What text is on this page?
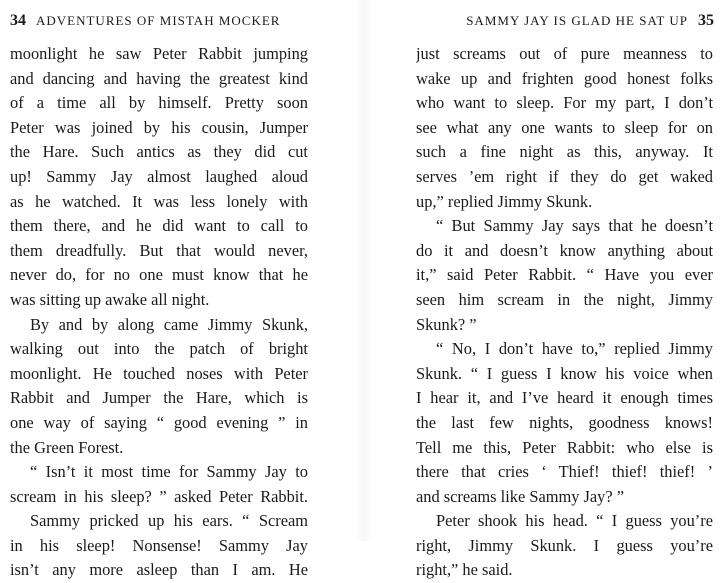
34 ADVENTURES OF MISTAH MOCKER
moonlight he saw Peter Rabbit jumping
and dancing and having the greatest kind
of a time all by himself. Pretty soon
Peter was joined by his cousin, Jumper
the Hare. Such antics as they did cut
up! Sammy Jay almost laughed aloud
as he watched. It was less lonely with
them there, and he did want to call to
them dreadfully. But that would never,
never do, for no one must know that he
was sitting up awake all night.
By and by along came Jimmy Skunk,
walking out into the patch of bright
moonlight. He touched noses with Peter
Rabbit and Jumper the Hare, which is
one way of saying “ good evening ” in
the Green Forest.
“ Isn’t it most time for Sammy Jay to
scream in his sleep? ” asked Peter Rabbit.
Sammy pricked up his ears. “ Scream
in his sleep! Nonsense! Sammy Jay
isn’t any more asleep than I am. He
SAMMY JAY IS GLAD HE SAT UP 35
just screams out of pure meanness to
wake up and frighten good honest folks
who want to sleep. For my part, I don’t
see what any one wants to sleep for on
such a fine night as this, anyway. It
serves ’em right if they do get waked
up,” replied Jimmy Skunk.
“ But Sammy Jay says that he doesn’t
do it and doesn’t know anything about
it,” said Peter Rabbit. “ Have you ever
seen him scream in the night, Jimmy
Skunk? ”
“ No, I don’t have to,” replied Jimmy
Skunk. “ I guess I know his voice when
I hear it, and I’ve heard it enough times
the last few nights, goodness knows!
Tell me this, Peter Rabbit: who else is
there that cries ‘ Thief! thief! thief! ’
and screams like Sammy Jay? ”
Peter shook his head. “ I guess you’re
right, Jimmy Skunk. I guess you’re
right,” he said.
